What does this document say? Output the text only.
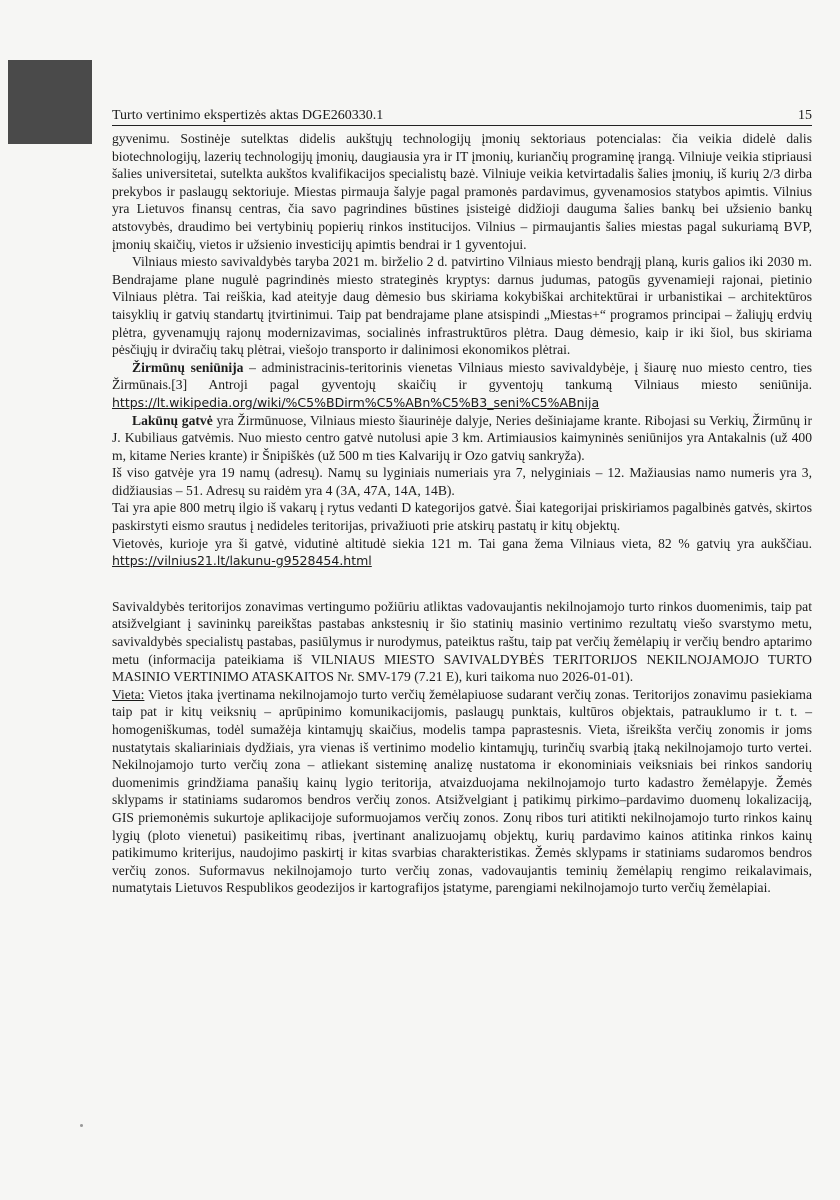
Turto vertinimo ekspertizės aktas DGE260330.1	15

gyvenimu. Sostinėje sutelktas didelis aukštųjų technologijų įmonių sektoriaus potencialas: čia veikia didelė dalis biotechnologijų, lazerių technologijų įmonių, daugiausia yra ir IT įmonių, kuriančių programinę įrangą. Vilniuje veikia stipriausi šalies universitetai, sutelkta aukštos kvalifikacijos specialistų bazė. Vilniuje veikia ketvirtadalis šalies įmonių, iš kurių 2/3 dirba prekybos ir paslaugų sektoriuje. Miestas pirmauja šalyje pagal pramonės pardavimus, gyvenamosios statybos apimtis. Vilnius yra Lietuvos finansų centras, čia savo pagrindines būstines įsisteigė didžioji dauguma šalies bankų bei užsienio bankų atstovybės, draudimo bei vertybinių popierių rinkos institucijos. Vilnius – pirmaujantis šalies miestas pagal sukuriamą BVP, įmonių skaičių, vietos ir užsienio investicijų apimtis bendrai ir 1 gyventojui.

Vilniaus miesto savivaldybės taryba 2021 m. birželio 2 d. patvirtino Vilniaus miesto bendrąjį planą, kuris galios iki 2030 m. Bendrajame plane nugulė pagrindinės miesto strateginės kryptys: darnus judumas, patogūs gyvenamieji rajonai, pietinio Vilniaus plėtra. Tai reiškia, kad ateityje daug dėmesio bus skiriama kokybiškai architektūrai ir urbanistikai – architektūros taisyklių ir gatvių standartų įtvirtinimui. Taip pat bendrajame plane atsispindi „Miestas+“ programos principai – žaliųjų erdvių plėtra, gyvenamųjų rajonų modernizavimas, socialinės infrastruktūros plėtra. Daug dėmesio, kaip ir iki šiol, bus skiriama pėsčiųjų ir dviračių takų plėtrai, viešojo transporto ir dalinimosi ekonomikos plėtrai.

Žirmūnų seniūnija – administracinis-teritorinis vienetas Vilniaus miesto savivaldybėje, į šiaurę nuo miesto centro, ties Žirmūnais.[3] Antroji pagal gyventojų skaičių ir gyventojų tankumą Vilniaus miesto seniūnija. https://lt.wikipedia.org/wiki/%C5%BDirm%C5%ABn%C5%B3_seni%C5%ABnija

Lakūnų gatvė yra Žirmūnuose, Vilniaus miesto šiaurinėje dalyje, Neries dešiniajame krante. Ribojasi su Verkių, Žirmūnų ir J. Kubiliaus gatvėmis. Nuo miesto centro gatvė nutolusi apie 3 km. Artimiausios kaimyninės seniūnijos yra Antakalnis (už 400 m, kitame Neries krante) ir Šnipiškės (už 500 m ties Kalvarijų ir Ozo gatvių sankryža).

Iš viso gatvėje yra 19 namų (adresų). Namų su lyginiais numeriais yra 7, nelyginiais – 12. Mažiausias namo numeris yra 3, didžiausias – 51. Adresų su raidėm yra 4 (3A, 47A, 14A, 14B).

Tai yra apie 800 metrų ilgio iš vakarų į rytus vedanti D kategorijos gatvė. Šiai kategorijai priskiriamos pagalbinės gatvės, skirtos paskirstyti eismo srautus į nedideles teritorijas, privažiuoti prie atskirų pastatų ir kitų objektų.

Vietovės, kurioje yra ši gatvė, vidutinė altitudė siekia 121 m. Tai gana žema Vilniaus vieta, 82 % gatvių yra aukščiau. https://vilnius21.lt/lakunu-g9528454.html

Savivaldybės teritorijos zonavimas vertingumo požiūriu atliktas vadovaujantis nekilnojamojo turto rinkos duomenimis, taip pat atsižvelgiant į savininkų pareikštas pastabas ankstesnių ir šio statinių masinio vertinimo rezultatų viešo svarstymo metu, savivaldybės specialistų pastabas, pasiūlymus ir nurodymus, pateiktus raštu, taip pat verčių žemėlapių ir verčių bendro aptarimo metu (informacija pateikiama iš VILNIAUS MIESTO SAVIVALDYBĖS TERITORIJOS NEKILNOJAMOJO TURTO MASINIO VERTINIMO ATASKAITOS Nr. SMV-179 (7.21 E), kuri taikoma nuo 2026-01-01).

Vieta: Vietos įtaka įvertinama nekilnojamojo turto verčių žemėlapiuose sudarant verčių zonas. Teritorijos zonavimu pasiekiama taip pat ir kitų veiksnių – aprūpinimo komunikacijomis, paslaugų punktais, kultūros objektais, patrauklumo ir t. t. – homogeniškumas, todėl sumažėja kintamųjų skaičius, modelis tampa paprastesnis. Vieta, išreikšta verčių zonomis ir joms nustatytais skaliariniais dydžiais, yra vienas iš vertinimo modelio kintamųjų, turinčių svarbią įtaką nekilnojamojo turto vertei. Nekilnojamojo turto verčių zona – atliekant sisteminę analizę nustatoma ir ekonominiais veiksniais bei rinkos sandorių duomenimis grindžiama panašių kainų lygio teritorija, atvaizduojama nekilnojamojo turto kadastro žemėlapyje. Žemės sklypams ir statiniams sudaromos bendros verčių zonos. Atsižvelgiant į patikimų pirkimo–pardavimo duomenų lokalizaciją, GIS priemonėmis sukurtoje aplikacijoje suformuojamos verčių zonos. Zonų ribos turi atitikti nekilnojamojo turto rinkos kainų lygių (ploto vienetui) pasikeitimų ribas, įvertinant analizuojamų objektų, kurių pardavimo kainos atitinka rinkos kainų patikimumo kriterijus, naudojimo paskirtį ir kitas svarbias charakteristikas. Žemės sklypams ir statiniams sudaromos bendros verčių zonos. Suformavus nekilnojamojo turto verčių zonas, vadovaujantis teminių žemėlapių rengimo reikalavimais, numatytais Lietuvos Respublikos geodezijos ir kartografijos įstatyme, parengiami nekilnojamojo turto verčių žemėlapiai.
